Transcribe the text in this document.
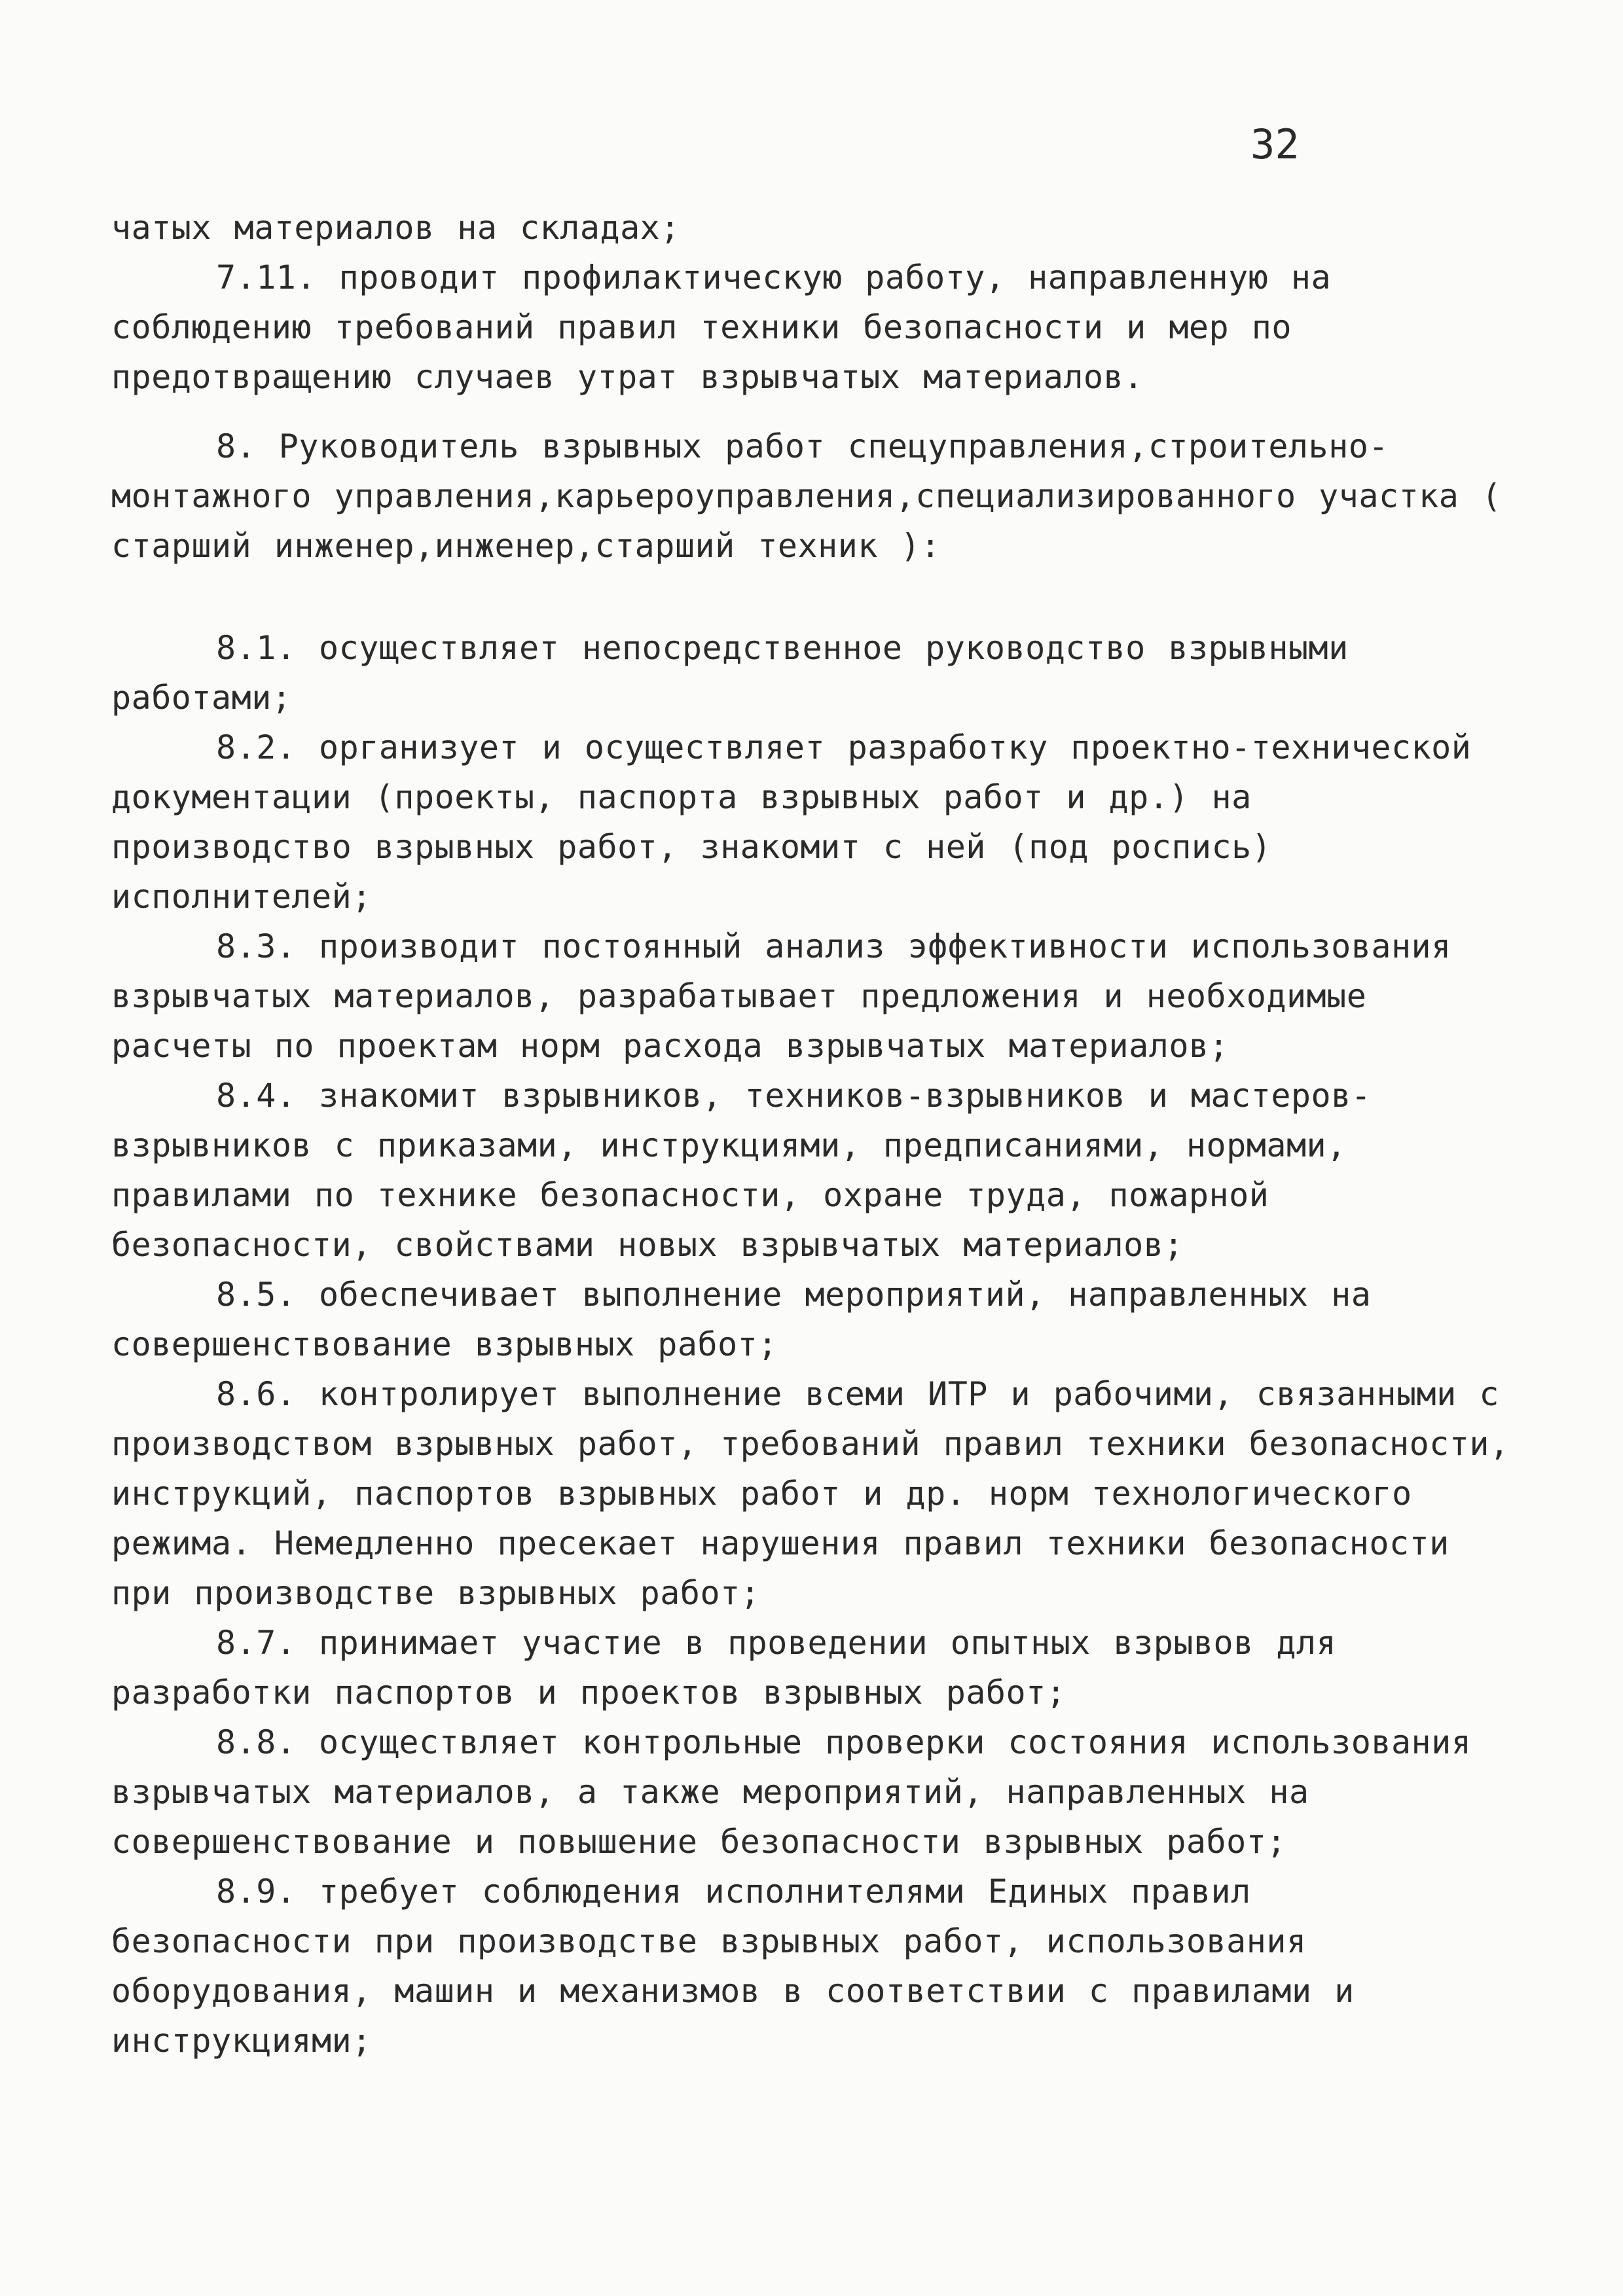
32

чатых материалов на складах;

7.11. проводит профилактическую работу, направленную на соблюдению требований правил техники безопасности и мер по предотвращению случаев утрат взрывчатых материалов.

8. Руководитель взрывных работ спецуправления,строительно-монтажного управления,карьероуправления,специализированного участка ( старший инженер,инженер,старший техник ):

8.1. осуществляет непосредственное руководство взрывными работами;

8.2. организует и осуществляет разработку проектно-технической документации (проекты, паспорта взрывных работ и др.) на производство взрывных работ, знакомит с ней (под роспись) исполнителей;

8.3. производит постоянный анализ эффективности использования взрывчатых материалов, разрабатывает предложения и необходимые расчеты по проектам норм расхода взрывчатых материалов;

8.4. знакомит взрывников, техников-взрывников и мастеров-взрывников с приказами, инструкциями, предписаниями, нормами, правилами по технике безопасности, охране труда, пожарной безопасности, свойствами новых взрывчатых материалов;

8.5. обеспечивает выполнение мероприятий, направленных на совершенствование взрывных работ;

8.6. контролирует выполнение всеми ИТР и рабочими, связанными с производством взрывных работ, требований правил техники безопасности, инструкций, паспортов взрывных работ и др. норм технологического режима. Немедленно пресекает нарушения правил техники безопасности при производстве взрывных работ;

8.7. принимает участие в проведении опытных взрывов для разработки паспортов и проектов взрывных работ;

8.8. осуществляет контрольные проверки состояния использования взрывчатых материалов, а также мероприятий, направленных на совершенствование и повышение безопасности взрывных работ;

8.9. требует соблюдения исполнителями Единых правил безопасности при производстве взрывных работ, использования оборудования, машин и механизмов в соответствии с правилами и инструкциями;
